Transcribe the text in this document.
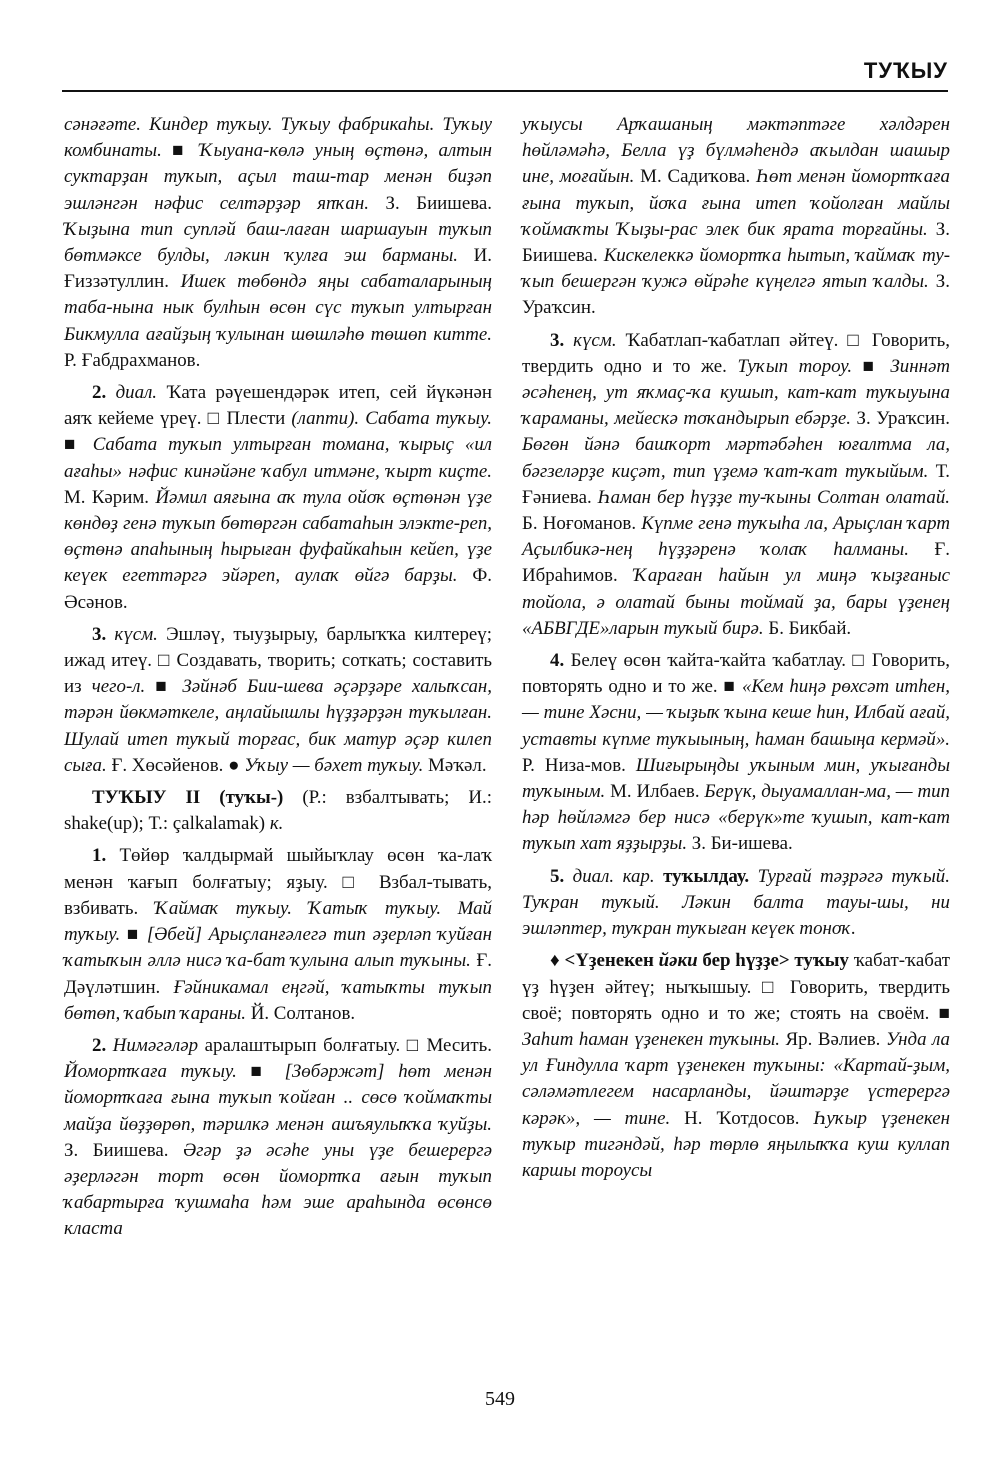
ТУҠЫУ

сәнәғәте. Киндер туҡыу. Туҡыу фабрикаһы. Туҡыу комбинаты. ■ Ҡыуана-көлә уның өҫтөнә, алтын суктарҙан туҡып, аҫыл таш-тар менән биҙәп эшләнгән нәфис селтәрҙәр япҡан. З. Биишева. Ҡыҙына тип супләй баш-лаған шаршауын туҡып бөтмәксе булды, ләкин ҡулға эш барманы. И. Ғиззәтуллин. Ишек төбөндә яңы сабаталарының таба-нына нык булһын өсөн сүс туҡып ултырған Бикмулла ағайҙың ҡулынан шөшләһө төшөп китте. Р. Ғабдрахманов.

2. диал. Ҡата рәүешендәрәк итеп, сей йүкәнән аяҡ кейеме үреү. □ Плести (лапти). Сабата туҡыу. ■ Сабата туҡып ултырған томана, ҡырыҫ «ил ағаһы» нәфис кинәйәне ҡабул итмәне, ҡырт киҫте. М. Кәрим. Йәмил аяғына аҡ тула ойоҡ өҫтөнән үҙе көндөҙ генә туҡып бөтөргән сабатаһын элэкте-реп, өҫтөнә апаһының һырыған фуфайкаһын кейеп, үҙе кеүек егеттәргә эйәреп, аулаҡ өйгә барҙы. Ф. Әсәнов.

3. күсм. Эшләү, тыуҙырыу, барлыҡҡа килтереү; ижад итеү. □ Создавать, творить; соткать; составить из чего-л. ■ Зәйнәб Бии-шева әҫәрҙәре халыҡсан, тәрән йөкмәткеле, аңлайышлы һүҙҙәрҙән туҡылған. Шулай итеп туҡый торғас, бик матур әҫәр килеп сыға. Ғ. Хөсәйенов. ● Уҡыу — бәхет туҡыу. Мәҡәл.

ТУҠЫУ II (туҡы-) (Р.: взбалтывать; И.: shake(up); Т.: çalkalamak) к.

1. Төйөр ҡалдырмай шыйыҡлау өсөн ҡа-лаҡ менән ҡағып болғатыу; яҙыу. □ Взбал-тывать, взбивать. Ҡаймаҡ туҡыу. Ҡатыҡ туҡыу. Май туҡыу. ■ [Әбей] Арыҫланғәлегә тип әҙерләп ҡуйған ҡатыҡын әллә нисә ҡа-бат ҡулына алып туҡыны. Ғ. Дәүләтшин. Ғәйникамал еңгәй, ҡатыҡты туҡып бөтөп, ҡабып ҡараны. Й. Солтанов.

2. Нимәгәләр аралаштырып болғатыу. □ Месить. Йомортҡаға туҡыу. ■ [Зөбәржәт] һөт менән йомортҡаға ғына туҡып ҡойған .. сөсө ҡоймаҡты майҙа йөҙҙөрөп, тәрилкә менән ашъяулыҡҡа ҡуйҙы. З. Биишева. Әгәр ҙә әсәһе уны үҙе бешерергә әҙерләгән торт өсөн йомортҡа ағын туҡып ҡабартырға ҡушмаһа һәм эше араһында өсөнсө класта

уҡыусы Арҡашаның мәктәптәге хәлдәрен һөйләмәһә, Белла үҙ бүлмәһендә аҡылдан шашыр ине, моғайын. М. Садиҡова. Һөт менән йомортҡаға ғына туҡып, йоҡа ғына итеп ҡойолған майлы ҡоймаҡты Ҡыҙы-рас элек бик ярата торғайны. З. Биишева. Кискелеккә йомортҡа һытып, ҡаймаҡ ту-ҡып бешергән ҡужә өйрәһе күңелгә ятып ҡалды. З. Ураҡсин.

3. күсм. Ҡабатлап-ҡабатлап әйтеү. □ Говорить, твердить одно и то же. Туҡып тороу. ■ Зиннәт әсәһенең, ут яҡмаҫ-ҡа кушып, кат-кат туҡыуына ҡараманы, мейескә тоҡандырып ебәрҙе. З. Ураҡсин. Бөгөн йәнә башҡорт мәртәбәһен юғалтма ла, бәгзеләрҙе киҫәт, тип үҙемә ҡат-ҡат туҡыйым. Т. Ғәниева. Һаман бер һүҙҙе ту-ҡыны Солтан олатай. Б. Ноғоманов. Күпме генә туҡыһа ла, Арыҫлан ҡарт Аҫылбикә-нең һүҙҙәренә ҡолаҡ һалманы. Ғ. Ибраһимов. Ҡараған һайын ул миңә ҡыҙғаныс тойола, ә олатай быны тоймай ҙа, бары үҙенең «АБВГДЕ»ларын туҡый бирә. Б. Бикбай.

4. Белеү өсөн ҡайта-ҡайта ҡабатлау. □ Говорить, повторять одно и то же. ■ «Кем һиңә рөхсәт итһен, — тине Хәсни, — ҡыҙыҡ ҡына кеше һин, Илбай ағай, уставты күпме туҡыының, һаман башыңа кермәй». Р. Низа-мов. Шиғырыңды уҡыным мин, уҡығанды туҡыным. М. Илбаев. Берүк, дыуамаллан-ма, — тип һәр һөйләмгә бер нисә «берүк»те ҡушып, кат-кат туҡып хат яҙҙырҙы. З. Би-ишева.

5. диал. кар. туҡылдау. Турғай тәҙрәгә туҡый. Туҡран туҡый. Ләкин балта тауы-шы, ни эшләптер, туҡран туҡыған кеүек тоноҡ.

♦ <Үҙенекен йәки бер һүҙҙе> туҡыу ҡабат-ҡабат үҙ һүҙен әйтеү; ныҡышыу. □ Говорить, твердить своё; повторять одно и то же; стоять на своём. ■ Заһит һаман үҙенекен туҡыны. Яр. Вәлиев. Унда ла ул Ғиндулла ҡарт үҙенекен туҡыны: «Картай-ҙым, сәләмәтлегем насарланды, йәштәрҙе үстерергә кәрәк», — тине. Н. Ҡотдосов. Һуҡыр үҙенекен туҡыр тигәндәй, һәр төрлө яңылыҡҡа куш куллап каршы тороусы

549
